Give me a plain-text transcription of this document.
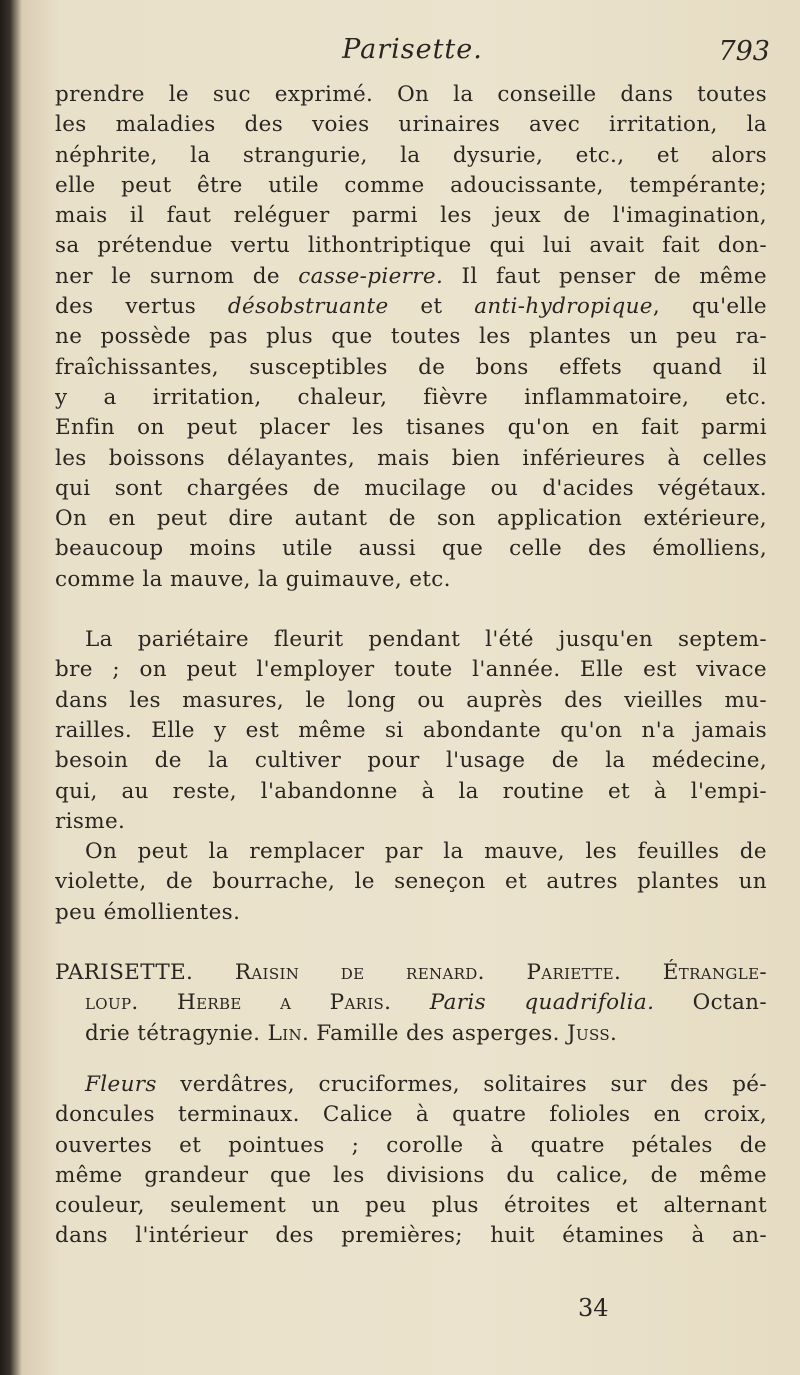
Parisette.	793
prendre le suc exprimé. On la conseille dans toutes
les maladies des voies urinaires avec irritation, la
néphrite, la strangurie, la dysurie, etc., et alors
elle peut être utile comme adoucissante, tempérante;
mais il faut reléguer parmi les jeux de l'imagination,
sa prétendue vertu lithontriptique qui lui avait fait don-
ner le surnom de casse-pierre. Il faut penser de même
des vertus désobstruante et anti-hydropique, qu'elle
ne possède pas plus que toutes les plantes un peu ra-
fraîchissantes, susceptibles de bons effets quand il
y a irritation, chaleur, fièvre inflammatoire, etc.
Enfin on peut placer les tisanes qu'on en fait parmi
les boissons délayantes, mais bien inférieures à celles
qui sont chargées de mucilage ou d'acides végétaux.
On en peut dire autant de son application extérieure,
beaucoup moins utile aussi que celle des émolliens,
comme la mauve, la guimauve, etc.
La pariétaire fleurit pendant l'été jusqu'en septem-
bre ; on peut l'employer toute l'année. Elle est vivace
dans les masures, le long ou auprès des vieilles mu-
railles. Elle y est même si abondante qu'on n'a jamais
besoin de la cultiver pour l'usage de la médecine,
qui, au reste, l'abandonne à la routine et à l'empi-
risme.
On peut la remplacer par la mauve, les feuilles de
violette, de bourrache, le seneçon et autres plantes un
peu émollientes.
PARISETTE. Raisin de renard. Pariette. Étrangle-
loup. Herbe a Paris. Paris quadrifolia. Octan-
drie tétragynie. Lin. Famille des asperges. Juss.
Fleurs verdâtres, cruciformes, solitaires sur des pé-
doncules terminaux. Calice à quatre folioles en croix,
ouvertes et pointues ; corolle à quatre pétales de
même grandeur que les divisions du calice, de même
couleur, seulement un peu plus étroites et alternant
dans l'intérieur des premières; huit étamines à an-
34
